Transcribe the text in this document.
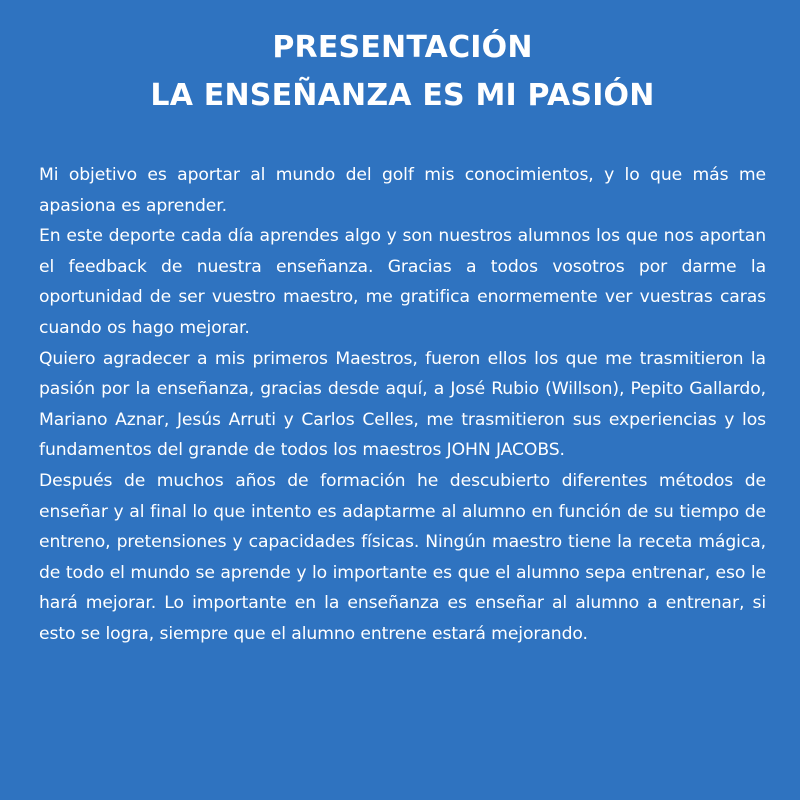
PRESENTACIÓN
LA ENSEÑANZA ES MI PASIÓN

Mi objetivo es aportar al mundo del golf mis conocimientos, y lo que más me apasiona es aprender.

En este deporte cada día aprendes algo y son nuestros alumnos los que nos aportan el feedback de nuestra enseñanza. Gracias a todos vosotros por darme la oportunidad de ser vuestro maestro, me gratifica enormemente ver vuestras caras cuando os hago mejorar.

Quiero agradecer a mis primeros Maestros, fueron ellos los que me trasmitieron la pasión por la enseñanza, gracias desde aquí, a José Rubio (Willson), Pepito Gallardo, Mariano Aznar, Jesús Arruti y Carlos Celles, me trasmitieron sus experiencias y los fundamentos del grande de todos los maestros JOHN JACOBS.

Después de muchos años de formación he descubierto diferentes métodos de enseñar y al final lo que intento es adaptarme al alumno en función de su tiempo de entreno, pretensiones y capacidades físicas. Ningún maestro tiene la receta mágica, de todo el mundo se aprende y lo importante es que el alumno sepa entrenar, eso le hará mejorar. Lo importante en la enseñanza es enseñar al alumno a entrenar, si esto se logra, siempre que el alumno entrene estará mejorando.
